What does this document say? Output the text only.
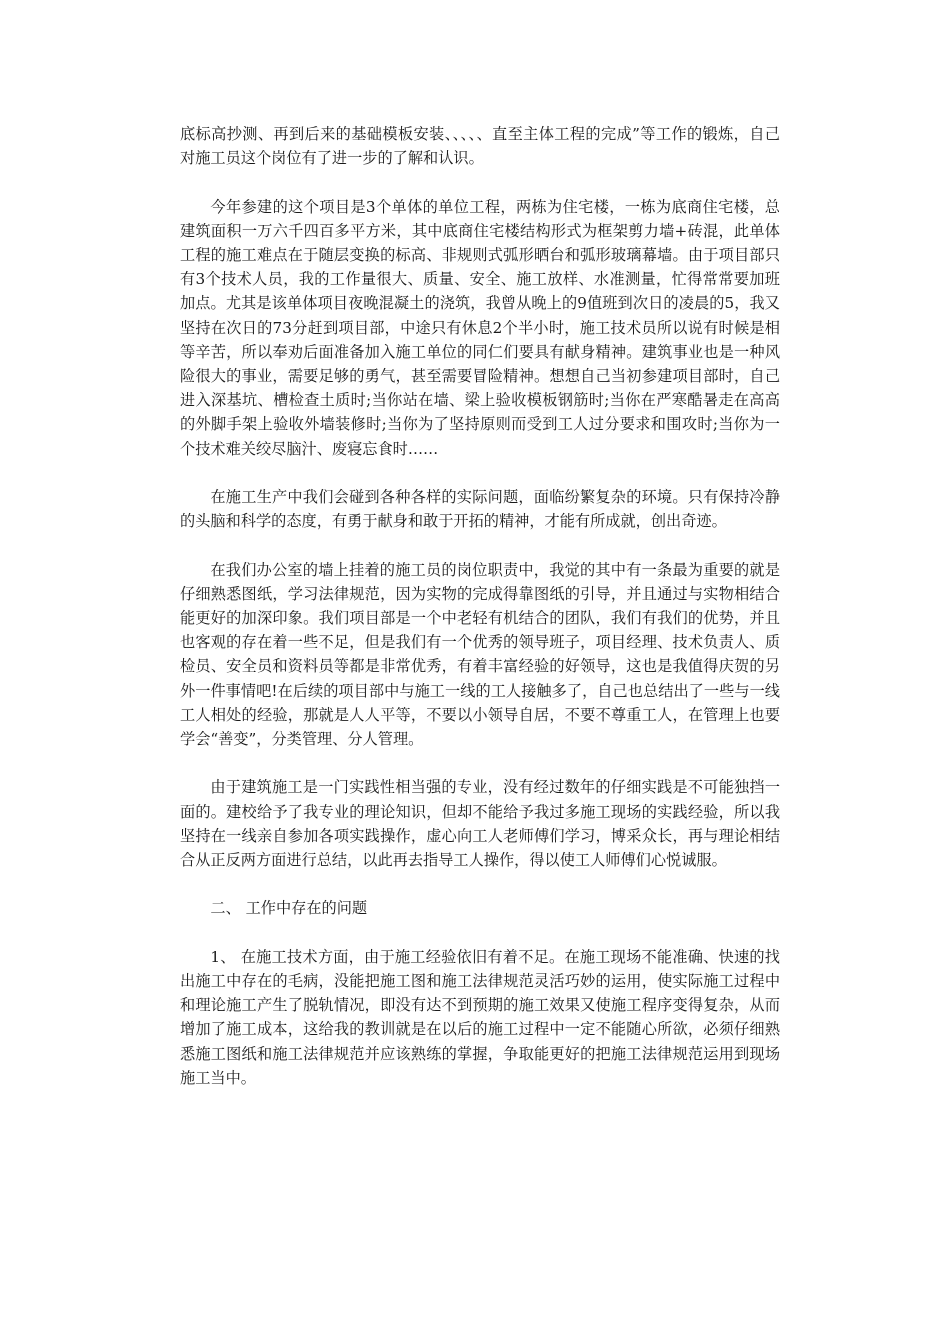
底标高抄测、再到后来的基础模板安装、、、、、直至主体工程的完成”等工作的锻炼，自己对施工员这个岗位有了进一步的了解和认识。

今年参建的这个项目是3个单体的单位工程，两栋为住宅楼，一栋为底商住宅楼，总建筑面积一万六千四百多平方米，其中底商住宅楼结构形式为框架剪力墙+砖混，此单体工程的施工难点在于随层变换的标高、非规则式弧形晒台和弧形玻璃幕墙。由于项目部只有3个技术人员，我的工作量很大、质量、安全、施工放样、水准测量，忙得常常要加班加点。尤其是该单体项目夜晚混凝土的浇筑，我曾从晚上的9值班到次日的凌晨的5，我又坚持在次日的73分赶到项目部，中途只有休息2个半小时，施工技术员所以说有时候是相等辛苦，所以奉劝后面准备加入施工单位的同仁们要具有献身精神。建筑事业也是一种风险很大的事业，需要足够的勇气，甚至需要冒险精神。想想自己当初参建项目部时，自己进入深基坑、槽检查土质时;当你站在墙、梁上验收模板钢筋时;当你在严寒酷暑走在高高的外脚手架上验收外墙装修时;当你为了坚持原则而受到工人过分要求和围攻时;当你为一个技术难关绞尽脑汁、废寝忘食时……

在施工生产中我们会碰到各种各样的实际问题，面临纷繁复杂的环境。只有保持冷静的头脑和科学的态度，有勇于献身和敢于开拓的精神，才能有所成就，创出奇迹。

在我们办公室的墙上挂着的施工员的岗位职责中，我觉的其中有一条最为重要的就是仔细熟悉图纸，学习法律规范，因为实物的完成得靠图纸的引导，并且通过与实物相结合能更好的加深印象。我们项目部是一个中老轻有机结合的团队，我们有我们的优势，并且也客观的存在着一些不足，但是我们有一个优秀的领导班子，项目经理、技术负责人、质检员、安全员和资料员等都是非常优秀，有着丰富经验的好领导，这也是我值得庆贺的另外一件事情吧!在后续的项目部中与施工一线的工人接触多了，自己也总结出了一些与一线工人相处的经验，那就是人人平等，不要以小领导自居，不要不尊重工人，在管理上也要学会“善变”，分类管理、分人管理。

由于建筑施工是一门实践性相当强的专业，没有经过数年的仔细实践是不可能独挡一面的。建校给予了我专业的理论知识，但却不能给予我过多施工现场的实践经验，所以我坚持在一线亲自参加各项实践操作，虚心向工人老师傅们学习，博采众长，再与理论相结合从正反两方面进行总结，以此再去指导工人操作，得以使工人师傅们心悦诚服。

二、 工作中存在的问题

1、 在施工技术方面，由于施工经验依旧有着不足。在施工现场不能准确、快速的找出施工中存在的毛病，没能把施工图和施工法律规范灵活巧妙的运用，使实际施工过程中和理论施工产生了脱轨情况，即没有达不到预期的施工效果又使施工程序变得复杂，从而增加了施工成本，这给我的教训就是在以后的施工过程中一定不能随心所欲，必须仔细熟悉施工图纸和施工法律规范并应该熟练的掌握，争取能更好的把施工法律规范运用到现场施工当中。
